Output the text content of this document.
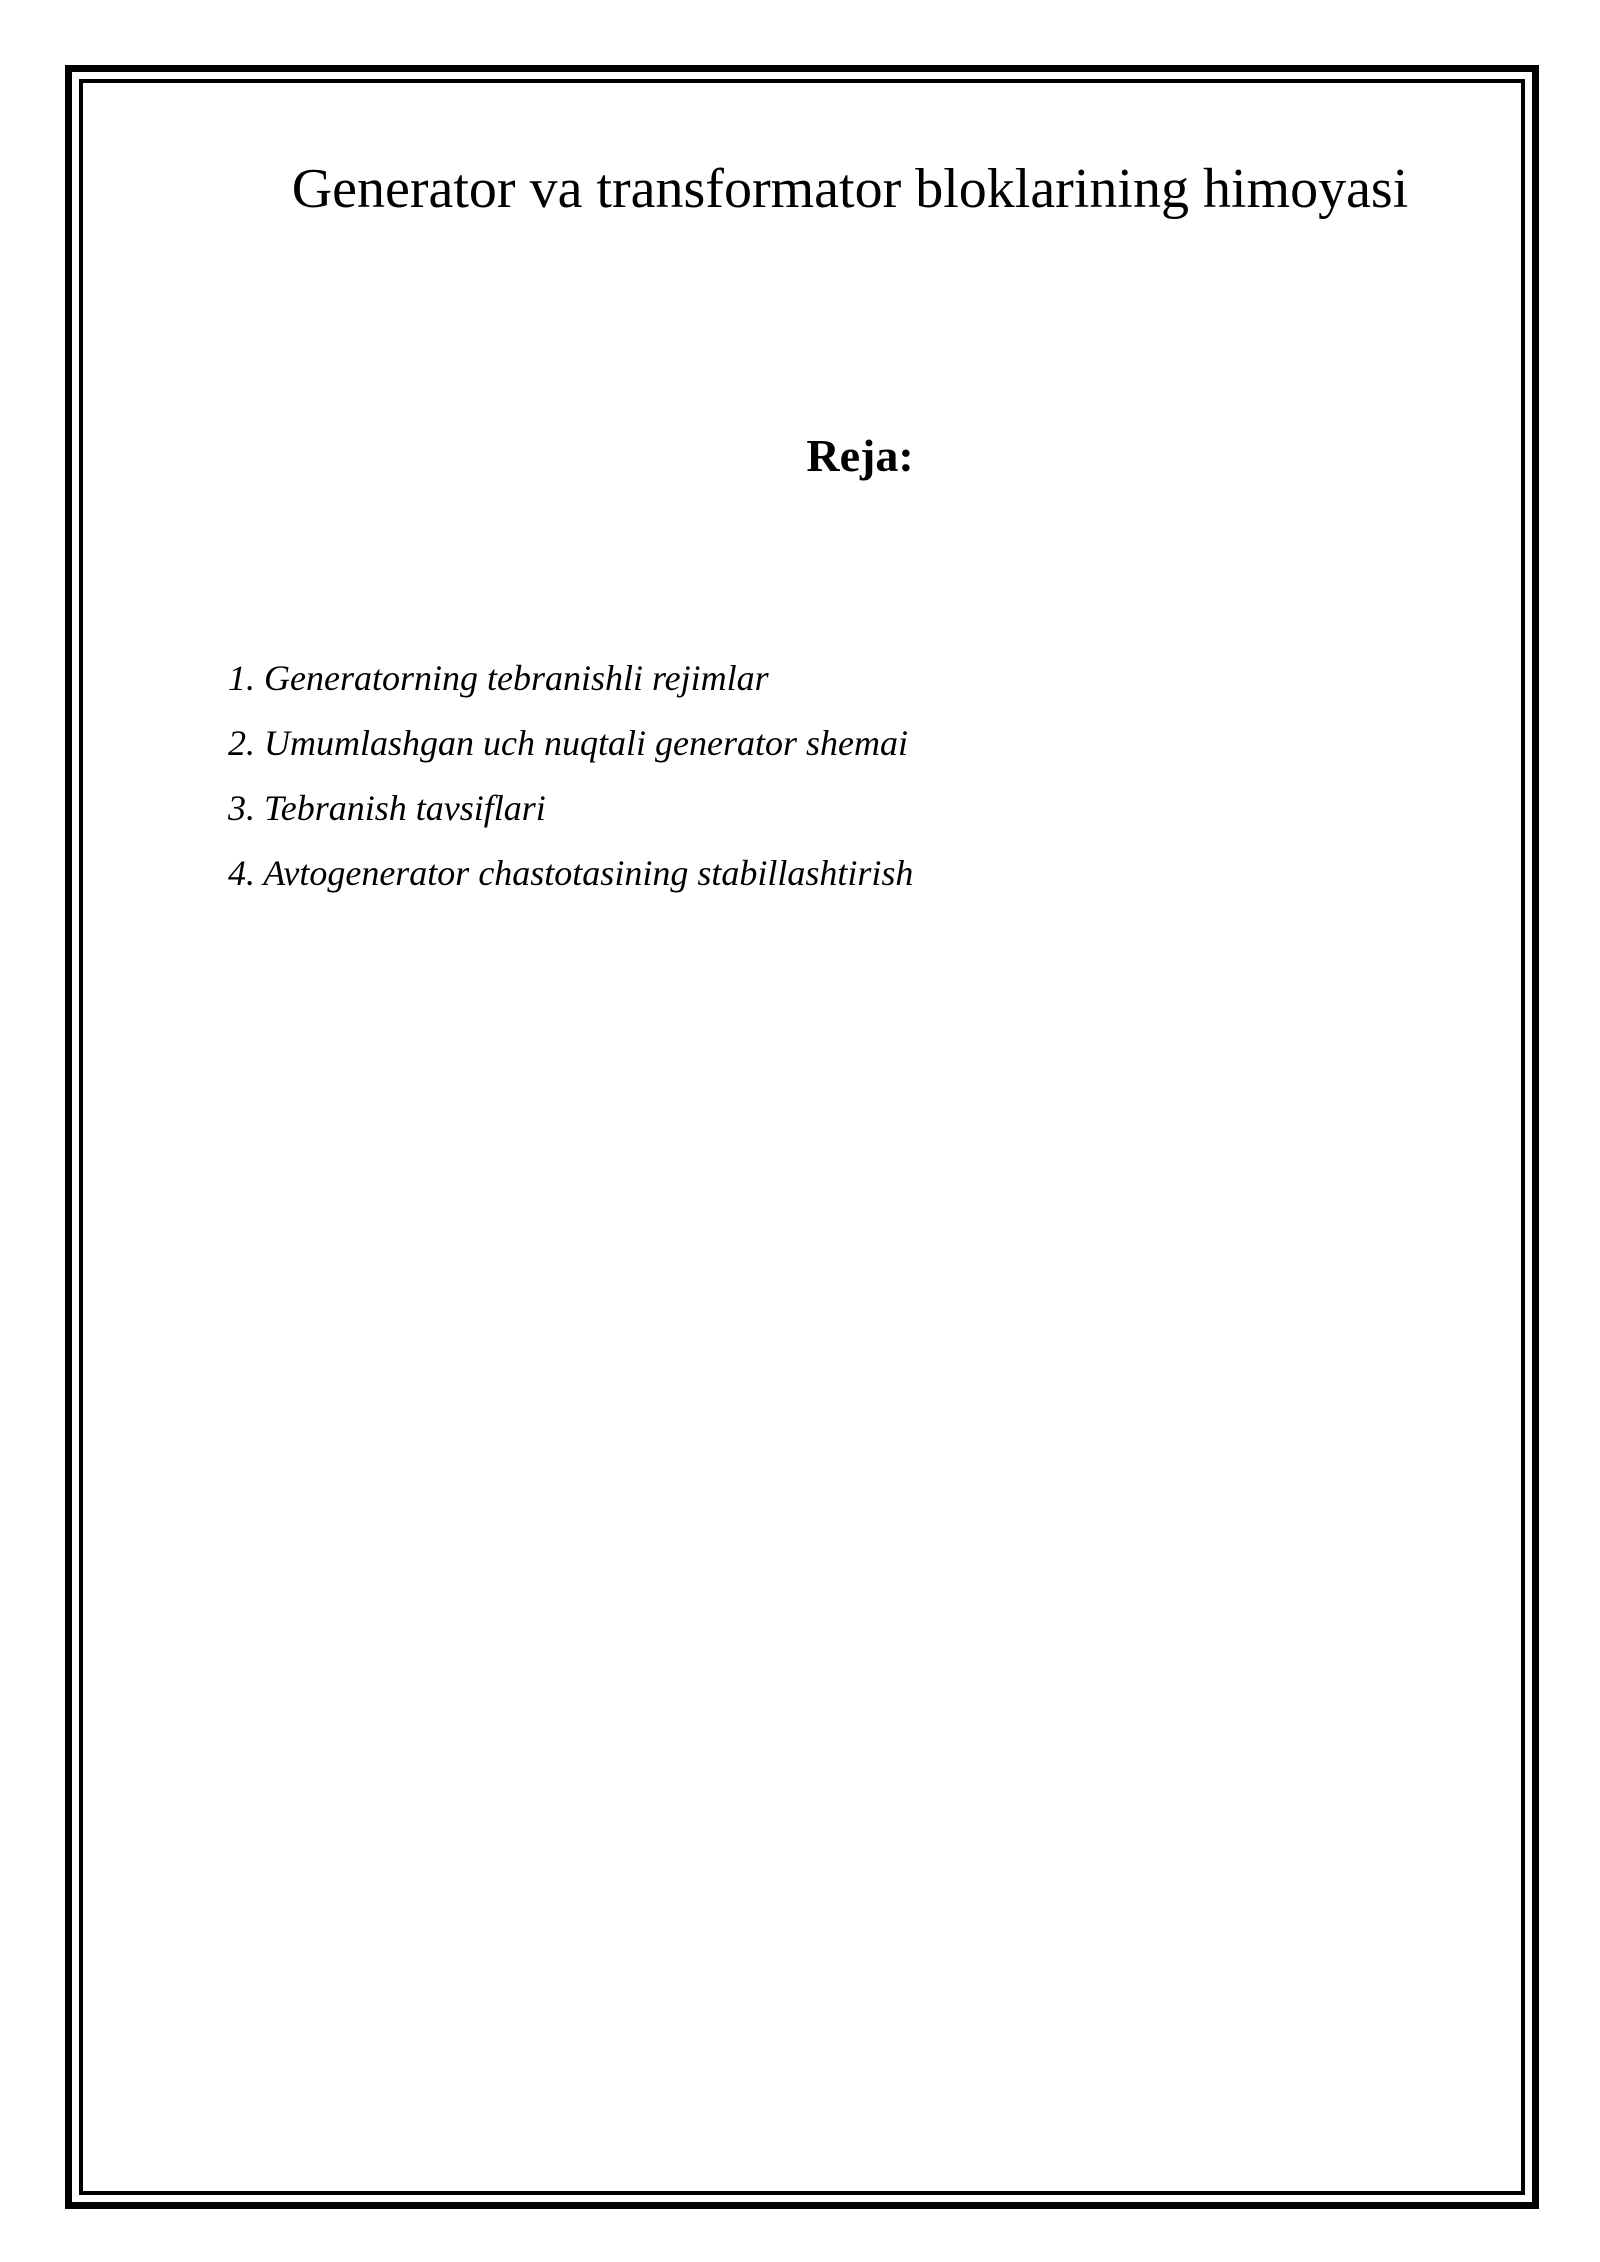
Generator va transformator bloklarining himoyasi
Reja:
1. Generatorning tebranishli rejimlar
2. Umumlashgan uch nuqtali generator shemai
3. Tebranish tavsiflari
4. Avtogenerator chastotasining stabillashtirish
